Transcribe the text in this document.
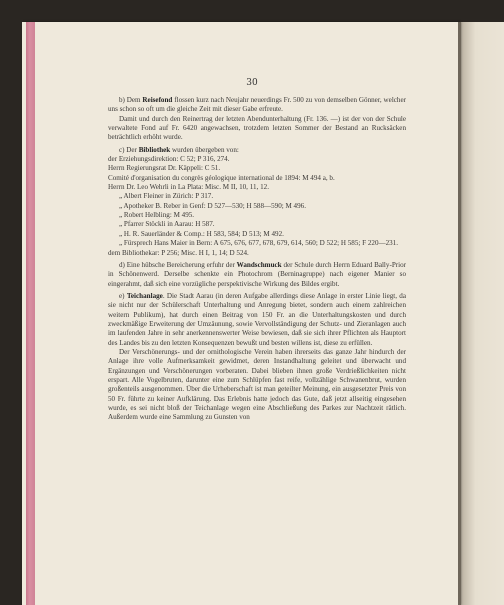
30

b) Dem Reisefond flossen kurz nach Neujahr neuerdings Fr. 500 zu von demselben Gönner, welcher uns schon so oft um die gleiche Zeit mit dieser Gabe erfreute.

Damit und durch den Reinertrag der letzten Abendunterhaltung (Fr. 136. —) ist der von der Schule verwaltete Fond auf Fr. 6420 angewachsen, trotzdem letzten Sommer der Bestand an Rucksäcken beträchtlich erhöht wurde.

c) Der Bibliothek wurden übergeben von:

der Erziehungsdirektion: C 52; P 316, 274.

Herrn Regierungsrat Dr. Käppeli: C 51.

Comité d'organisation du congrès géologique international de 1894: M 494 a, b.

Herrn Dr. Leo Wehrli in La Plata: Misc. M II, 10, 11, 12.

„ Albert Fleiner in Zürich: P 317.

„ Apotheker B. Reber in Genf: D 527—530; H 588—590; M 496.

„ Robert Helbling: M 495.

„ Pfarrer Stöckli in Aarau: H 587.

„ H. R. Sauerländer & Comp.: H 583, 584; D 513; M 492.

„ Fürsprech Hans Maier in Bern: A 675, 676, 677, 678, 679, 614, 560; D 522; H 585; F 220—231.

dem Bibliothekar: P 256; Misc. H I, 1, 14; D 524.

d) Eine hübsche Bereicherung erfuhr der Wandschmuck der Schule durch Herrn Eduard Bally-Prior in Schönenwerd. Derselbe schenkte ein Photochrom (Berninagruppe) nach eigener Manier so eingerahmt, daß sich eine vorzügliche perspektivische Wirkung des Bildes ergibt.

e) Teichanlage. Die Stadt Aarau (in deren Aufgabe allerdings diese Anlage in erster Linie liegt, da sie nicht nur der Schülerschaft Unterhaltung und Anregung bietet, sondern auch einem zahlreichen weitern Publikum), hat durch einen Beitrag von 150 Fr. an die Unterhaltungskosten und durch zweckmäßige Erweiterung der Umzäunung, sowie Vervollständigung der Schutz- und Zieranlagen auch im laufenden Jahre in sehr anerkennenswerter Weise bewiesen, daß sie sich ihrer Pflichten als Hauptort des Landes bis zu den letzten Konsequenzen bewußt und besten willens ist, diese zu erfüllen.

Der Verschönerungs- und der ornithologische Verein haben ihrerseits das ganze Jahr hindurch der Anlage ihre volle Aufmerksamkeit gewidmet, deren Instandhaltung geleitet und überwacht und Ergänzungen und Verschönerungen vorberaten. Dabei blieben ihnen große Verdrießlichkeiten nicht erspart. Alle Vogelbruten, darunter eine zum Schlüpfen fast reife, vollzählige Schwanenbrut, wurden großenteils ausgenommen. Über die Urheberschaft ist man geteilter Meinung, ein ausgesetzter Preis von 50 Fr. führte zu keiner Aufklärung. Das Erlebnis hatte jedoch das Gute, daß jetzt allseitig eingesehen wurde, es sei nicht bloß der Teichanlage wegen eine Abschließung des Parkes zur Nachtzeit rätlich. Außerdem wurde eine Sammlung zu Gunsten von
